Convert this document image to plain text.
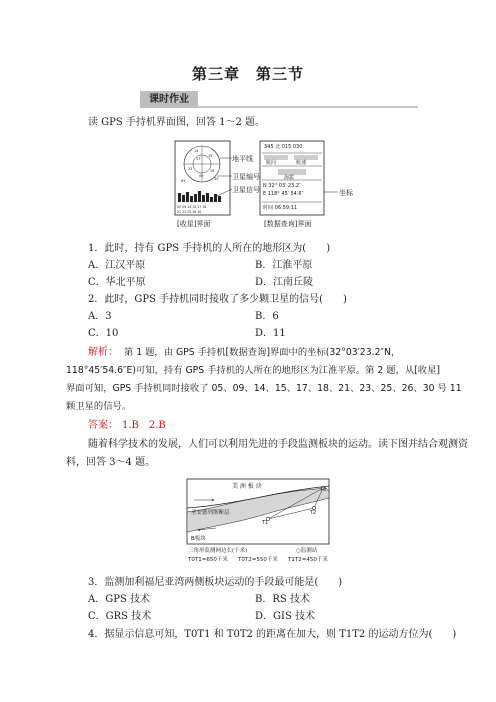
第三章　第三节
课时作业
读 GPS 手持机界面图，回答 1～2 题。
14
15
21	26
09
05	30
17
05 09 14 15 17 18
21 23 25 26 30
地平线
卫星编号
卫星信号	坐标
345 北 015 030
航向	航速
海拔
N 32° 03′ 23.2″
E 118° 45′ 54.6″
时间 06:59:11
[收星]界面	[数据查询]界面
1．此时，持有 GPS 手持机的人所在的地形区为(　　)
A．江汉平原	B．江淮平原
C．华北平原	D．江南丘陵
2．此时，GPS 手持机同时接收了多少颗卫星的信号(　　)
A．3	B．6
C．10	D．11
解析： 第 1 题，由 GPS 手持机[数据查询]界面中的坐标(32°03′23.2″N，
118°45′54.6″E)可知，持有 GPS 手持机的人所在的地形区为江淮平原。第 2 题，从[收星]
界面可知，GPS 手持机同时接收了 05、09、14、15、17、18、21、23、25、26、30 号 11
颗卫星的信号。
答案： 1.B　2.B
随着科学技术的发展，人们可以利用先进的手段监测板块的运动。读下图并结合观测资
料，回答 3～4 题。
美 洲 板 块
圣安德列斯断层
B板块
T0
T1
T2
三角形监测网边长(千米)	○监测站
T0T1=650千米 T0T2=550千米 T1T2=450千米
3．监测加利福尼亚湾两侧板块运动的手段最可能是(　　)
A．GPS 技术	B．RS 技术
C．GRS 技术	D．GIS 技术
4．据显示信息可知，T0T1 和 T0T2 的距离在加大，则 T1T2 的运动方位为(　　)
